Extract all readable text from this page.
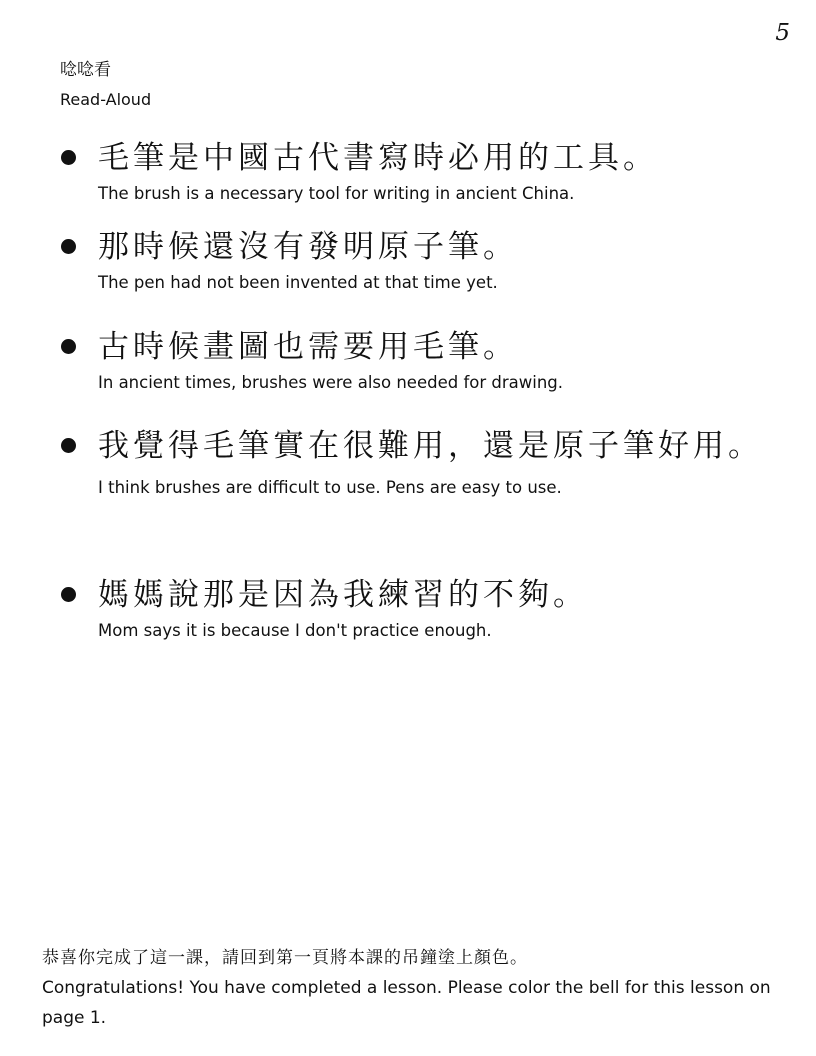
5
唸唸看
Read-Aloud
毛筆是中國古代書寫時必用的工具。
The brush is a necessary tool for writing in ancient China.
那時候還沒有發明原子筆。
The pen had not been invented at that time yet.
古時候畫圖也需要用毛筆。
In ancient times, brushes were also needed for drawing.
我覺得毛筆實在很難用，還是原子筆好用。
I think brushes are difficult to use. Pens are easy to use.
媽媽說那是因為我練習的不夠。
Mom says it is because I don't practice enough.
恭喜你完成了這一課，請回到第一頁將本課的吊鐘塗上顏色。
Congratulations! You have completed a lesson. Please color the bell for this lesson on page 1.
